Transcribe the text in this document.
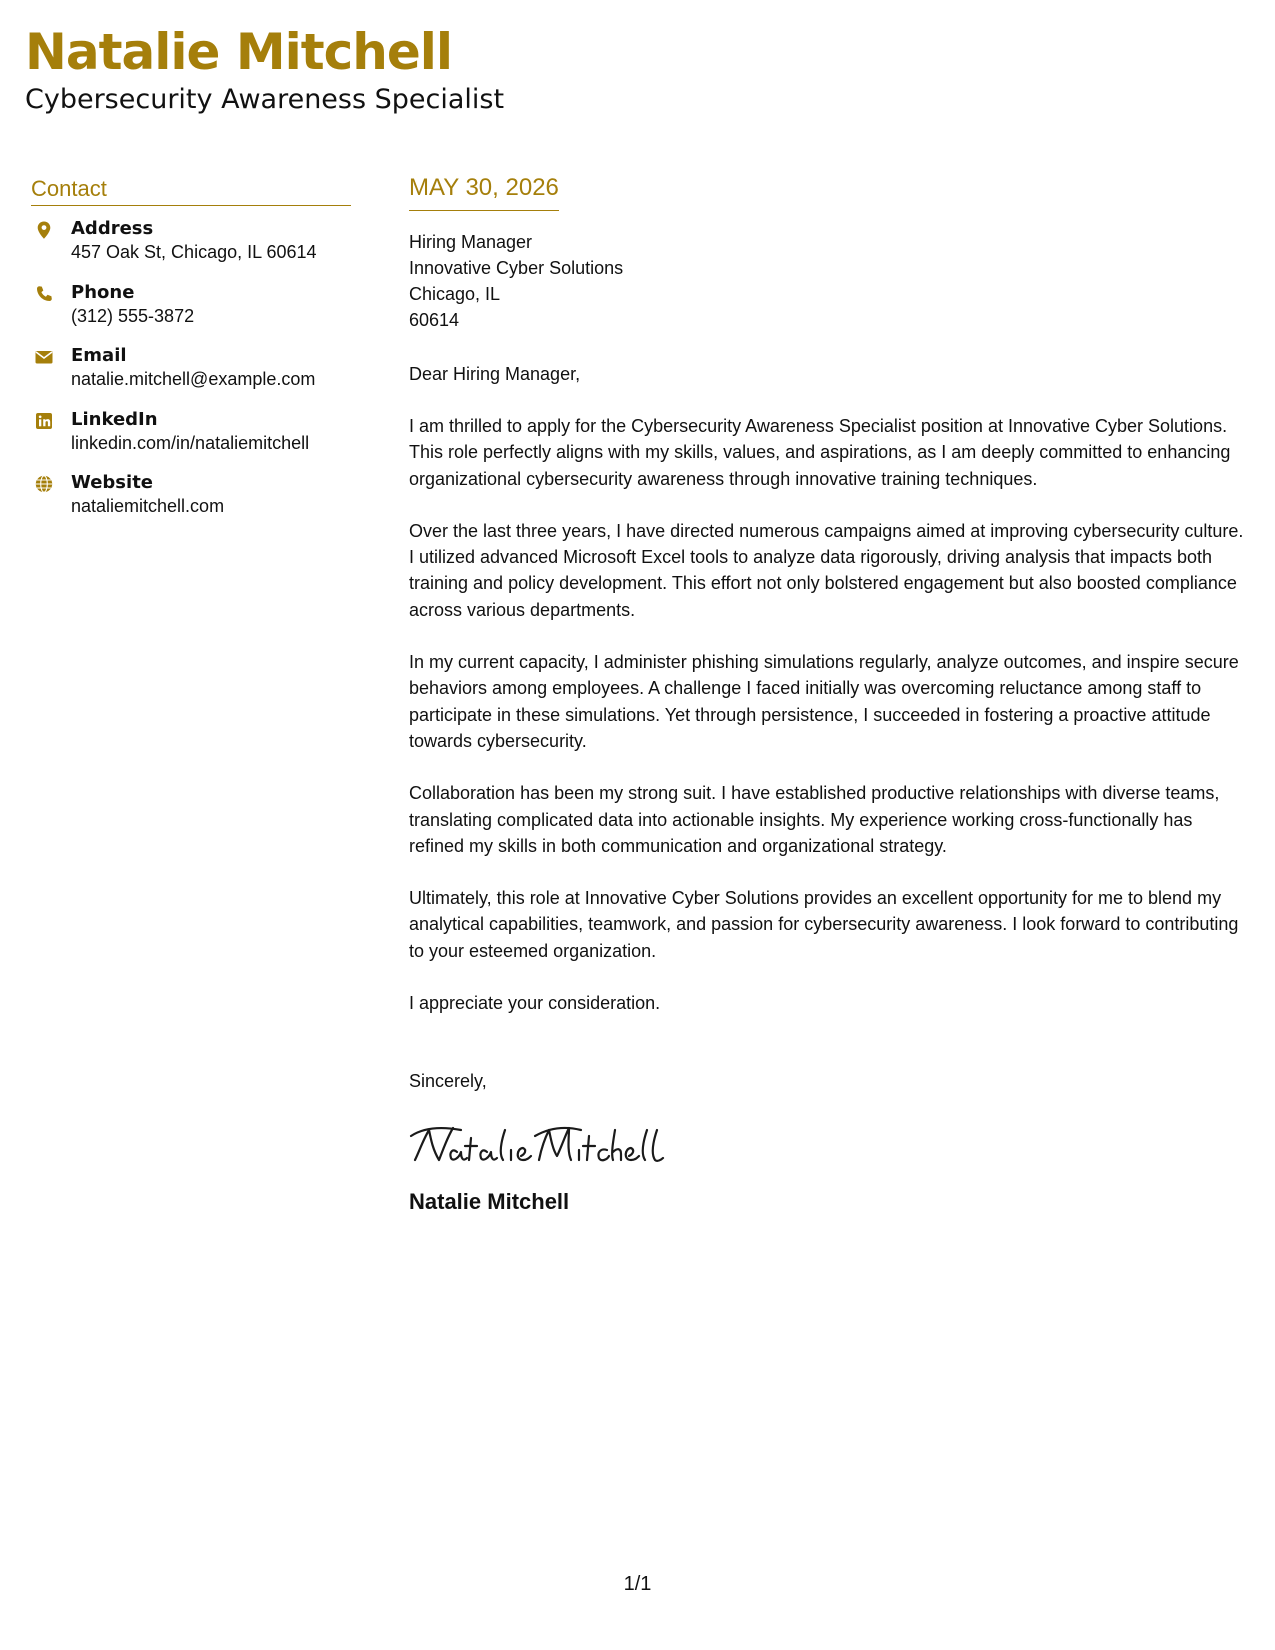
Natalie Mitchell
Cybersecurity Awareness Specialist
Contact
Address
457 Oak St, Chicago, IL 60614
Phone
(312) 555-3872
Email
natalie.mitchell@example.com
LinkedIn
linkedin.com/in/nataliemitchell
Website
nataliemitchell.com
MAY 30, 2026
Hiring Manager
Innovative Cyber Solutions
Chicago, IL
60614

Dear Hiring Manager,

I am thrilled to apply for the Cybersecurity Awareness Specialist position at Innovative Cyber Solutions. This role perfectly aligns with my skills, values, and aspirations, as I am deeply committed to enhancing organizational cybersecurity awareness through innovative training techniques.

Over the last three years, I have directed numerous campaigns aimed at improving cybersecurity culture. I utilized advanced Microsoft Excel tools to analyze data rigorously, driving analysis that impacts both training and policy development. This effort not only bolstered engagement but also boosted compliance across various departments.

In my current capacity, I administer phishing simulations regularly, analyze outcomes, and inspire secure behaviors among employees. A challenge I faced initially was overcoming reluctance among staff to participate in these simulations. Yet through persistence, I succeeded in fostering a proactive attitude towards cybersecurity.

Collaboration has been my strong suit. I have established productive relationships with diverse teams, translating complicated data into actionable insights. My experience working cross-functionally has refined my skills in both communication and organizational strategy.

Ultimately, this role at Innovative Cyber Solutions provides an excellent opportunity for me to blend my analytical capabilities, teamwork, and passion for cybersecurity awareness. I look forward to contributing to your esteemed organization.

I appreciate your consideration.

Sincerely,

Natalie Mitchell
1/1
